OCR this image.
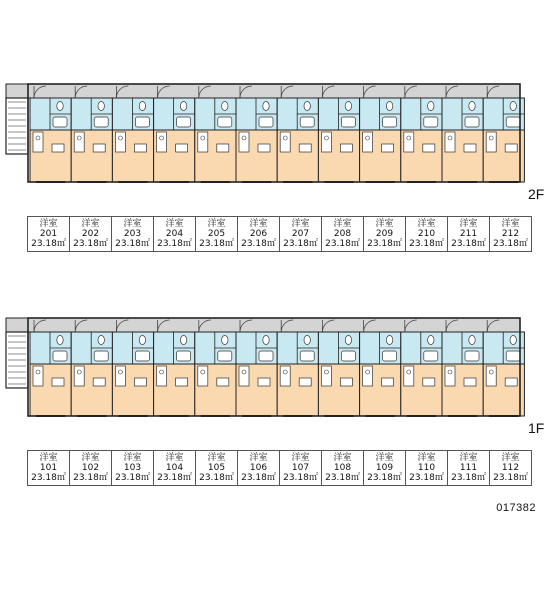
2F
洋室
201
23.18㎡

洋室
202
23.18㎡

洋室
203
23.18㎡

洋室
204
23.18㎡

洋室
205
23.18㎡

洋室
206
23.18㎡

洋室
207
23.18㎡

洋室
208
23.18㎡

洋室
209
23.18㎡

洋室
210
23.18㎡

洋室
211
23.18㎡

洋室
212
23.18㎡
1F
洋室
101
23.18㎡

洋室
102
23.18㎡

洋室
103
23.18㎡

洋室
104
23.18㎡

洋室
105
23.18㎡

洋室
106
23.18㎡

洋室
107
23.18㎡

洋室
108
23.18㎡

洋室
109
23.18㎡

洋室
110
23.18㎡

洋室
111
23.18㎡

洋室
112
23.18㎡
017382
